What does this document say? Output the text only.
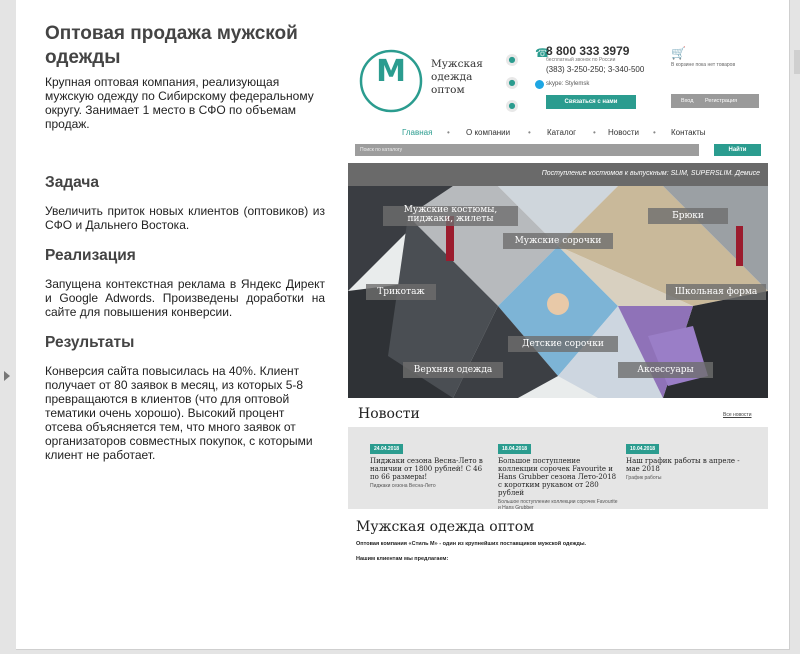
Оптовая продажа мужской одежды
Крупная оптовая компания, реализующая мужскую одежду по Сибирскому федеральному округу. Занимает 1 место в СФО по объемам продаж.
Задача
Увеличить приток новых клиентов (оптовиков) из СФО и Дальнего Востока.
Реализация
Запущена контекстная реклама в Яндекс Директ и Google Adwords. Произведены доработки на сайте для повышения конверсии.
Результаты
Конверсия сайта повысилась на 40%. Клиент получает от 80 заявок в месяц, из которых 5-8 превращаются в клиентов (что для оптовой тематики очень хорошо). Высокий процент отсева объясняется тем, что много заявок от организаторов совместных покупок, с которыми клиент не работает.
M Мужская
одежда
оптом
●
●
●
☎
8 800 333 3979
бесплатный звонок по России
(383) 3-250-250; 3-340-500
skype: Stylemsk
Связаться с нами
🛒
В корзине пока нет товаров
Вход Регистрация
Главная • О компании • Каталог • Новости • Контакты
Поиск по каталогу	Найти
Поступление костюмов к выпускным: SLIM, SUPERSLIM. Демисе
Мужские костюмы, пиджаки, жилеты	Брюки
Мужские сорочки
Трикотаж	Школьная форма
Детские сорочки
Верхняя одежда	Аксессуары
Новости	Все новости
24.04.2018
Пиджаки сезона Весна-Лето в наличии от 1800 рублей! С 46 по 66 размеры!
Пиджаки сезона Весна-Лето
18.04.2018
Большое поступление коллекции сорочек Favourite и Hans Grubber сезона Лето-2018 с коротким рукавом от 280 рублей
Большое поступление коллекции сорочек Favourite и Hans Grubber
10.04.2018
Наш график работы в апреле - мае 2018
График работы
Мужская одежда оптом
Оптовая компания «Стиль М» - один из крупнейших поставщиков мужской одежды.
Нашим клиентам мы предлагаем:
